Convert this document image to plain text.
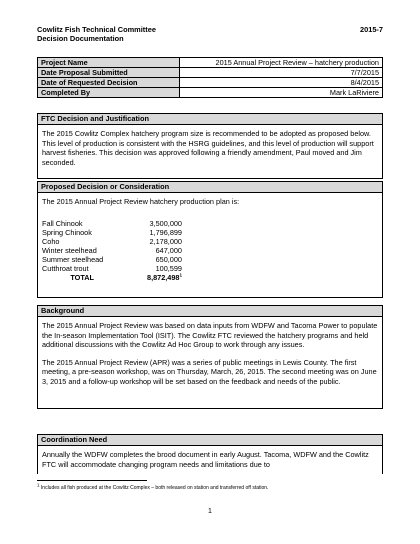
Cowlitz Fish Technical Committee
Decision Documentation
2015-7
Project Name	2015 Annual Project Review – hatchery production
Date Proposal Submitted	7/7/2015
Date of Requested Decision	8/4/2015
Completed By	Mark LaRiviere
FTC Decision and Justification

The 2015 Cowlitz Complex hatchery program size is recommended to be adopted as proposed below. This level of production is consistent with the HSRG guidelines, and this level of production will support harvest fisheries. This decision was approved following a friendly amendment, Paul moved and Jim seconded.

Proposed Decision or Consideration
The 2015 Annual Project Review hatchery production plan is:
Fall Chinook	3,500,000
Spring Chinook	1,796,899
Coho	2,178,000
Winter steelhead	647,000
Summer steelhead	650,000
Cutthroat trout	100,599
TOTAL	8,872,498$^1$
Background

The 2015 Annual Project Review was based on data inputs from WDFW and Tacoma Power to populate the In-season Implementation Tool (ISIT). The Cowlitz FTC reviewed the hatchery programs and held additional discussions with the Cowlitz Ad Hoc Group to work through any issues.

The 2015 Annual Project Review (APR) was a series of public meetings in Lewis County. The first meeting, a pre-season workshop, was on Thursday, March, 26, 2015. The second meeting was on June 3, 2015 and a follow-up workshop will be set based on the feedback and needs of the public.

Coordination Need

Annually the WDFW completes the brood document in early August. Tacoma, WDFW and the Cowlitz FTC will accommodate changing program needs and limitations due to

$^1$ Includes all fish produced at the Cowlitz Complex – both released on station and transferred off station.
1
